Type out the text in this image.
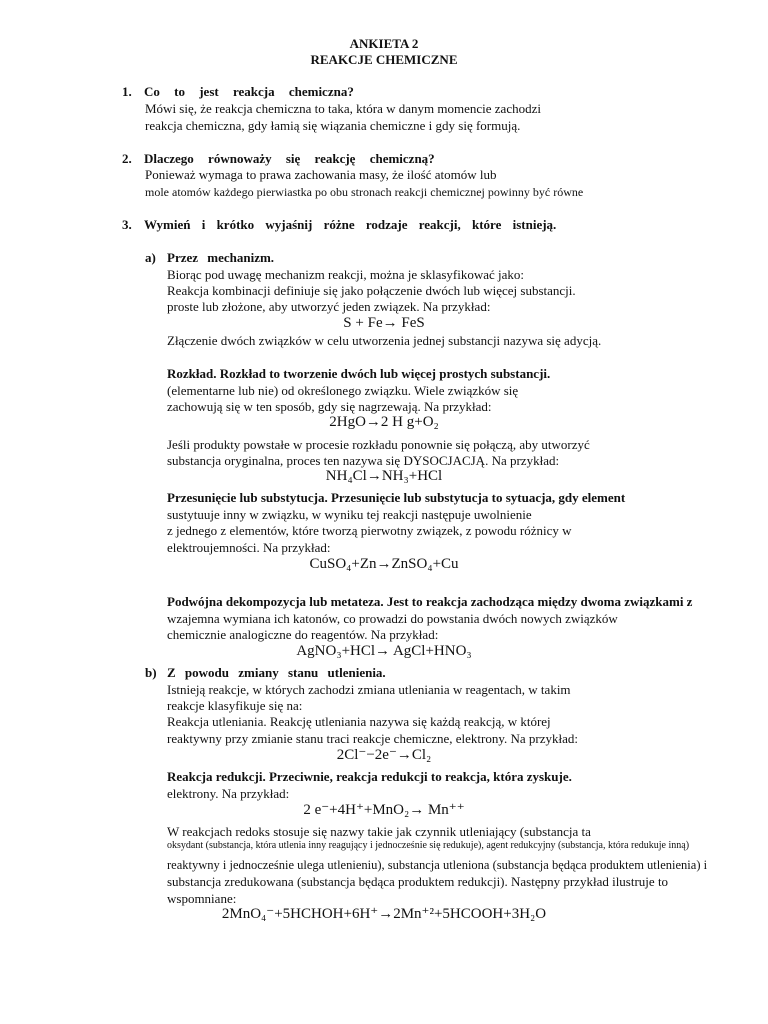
ANKIETA 2
REAKCJE CHEMICZNE
1. Co to jest reakcja chemiczna?
Mówi się, że reakcja chemiczna to taka, która w danym momencie zachodzi
reakcja chemiczna, gdy łamią się wiązania chemiczne i gdy się formują.
2. Dlaczego równoważy się reakcję chemiczną?
Ponieważ wymaga to prawa zachowania masy, że ilość atomów lub
mole atomów każdego pierwiastka po obu stronach reakcji chemicznej powinny być równe
3. Wymień i krótko wyjaśnij różne rodzaje reakcji, które istnieją.
a) Przez mechanizm.
Biorąc pod uwagę mechanizm reakcji, można je sklasyfikować jako:
Reakcja kombinacji definiuje się jako połączenie dwóch lub więcej substancji.
proste lub złożone, aby utworzyć jeden związek. Na przykład:
S + Fe→ FeS
Złączenie dwóch związków w celu utworzenia jednej substancji nazywa się adycją.
Rozkład. Rozkład to tworzenie dwóch lub więcej prostych substancji.
(elementarne lub nie) od określonego związku. Wiele związków się
zachowują się w ten sposób, gdy się nagrzewają. Na przykład:
2HgO→2 H g+O₂
Jeśli produkty powstałe w procesie rozkładu ponownie się połączą, aby utworzyć
substancja oryginalna, proces ten nazywa się DYSOCJACJĄ. Na przykład:
NH₄Cl→NH₃+HCl
Przesunięcie lub substytucja. Przesunięcie lub substytucja to sytuacja, gdy element
sustytuuje inny w związku, w wyniku tej reakcji następuje uwolnienie
z jednego z elementów, które tworzą pierwotny związek, z powodu różnicy w
elektroujemności. Na przykład:
CuSO₄+Zn→ZnSO₄+Cu
Podwójna dekompozycja lub metateza. Jest to reakcja zachodząca między dwoma związkami z
wzajemna wymiana ich katonów, co prowadzi do powstania dwóch nowych związków
chemicznie analogiczne do reagentów. Na przykład:
AgNO₃+HCl→ AgCl+HNO₃
b) Z powodu zmiany stanu utlenienia.
Istnieją reakcje, w których zachodzi zmiana utleniania w reagentach, w takim
reakcje klasyfikuje się na:
Reakcja utleniania. Reakcję utleniania nazywa się każdą reakcją, w której
reaktywny przy zmianie stanu traci reakcje chemiczne, elektrony. Na przykład:
2Cl⁻−2e⁻→Cl₂
Reakcja redukcji. Przeciwnie, reakcja redukcji to reakcja, która zyskuje.
elektrony. Na przykład:
2 e⁻+4H⁺+MnO₂→ Mn⁺⁺
W reakcjach redoks stosuje się nazwy takie jak czynnik utleniający (substancja ta
oksydant (substancja, która utlenia inny reagujący i jednocześnie się redukuje), agent redukcyjny (substancja, która redukuje inną)
reaktywny i jednocześnie ulega utlenieniu), substancja utleniona (substancja będąca produktem utlenienia) i
substancja zredukowana (substancja będąca produktem redukcji). Następny przykład ilustruje to
wspomniane:
2MnO₄⁻+5HCHOH+6H⁺→2Mn⁺²+5HCOOH+3H₂O
